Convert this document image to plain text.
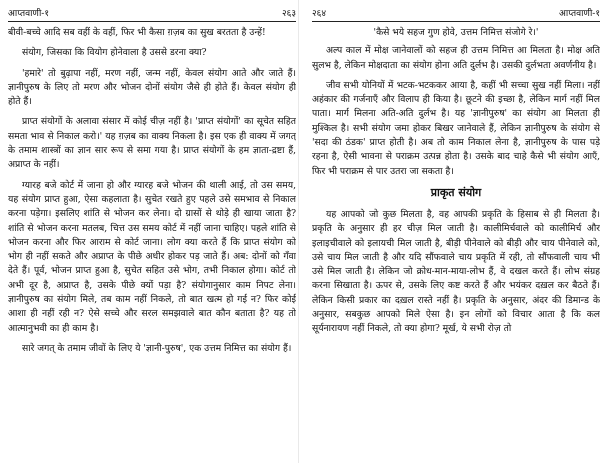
आप्तवाणी-१	२६३

बीवी-बच्चे आदि सब वहीं के वहीं, फिर भी कैसा ग़ज़ब का सुख बरतता है उन्हें!

संयोग, जिसका कि वियोग होनेवाला है उससे डरना क्या?

'हमारे' तो बुढ़ापा नहीं, मरण नहीं, जन्म नहीं, केवल संयोग आते और जाते हैं। ज्ञानीपुरुष के लिए तो मरण और भोजन दोनों संयोग जैसे ही होते हैं। केवल संयोग ही होते हैं।

प्राप्त संयोगों के अलावा संसार में कोई चीज़ नहीं है। 'प्राप्त संयोगों' का सूचेत सहित समता भाव से निकाल करो।' यह ग़ज़ब का वाक्य निकला है। इस एक ही वाक्य में जगत् के तमाम शास्त्रों का ज्ञान सार रूप से समा गया है। प्राप्त संयोगों के हम ज्ञाता-द्रष्टा हैं, अप्राप्त के नहीं।

ग्यारह बजे कोर्ट में जाना हो और ग्यारह बजे भोजन की थाली आई, तो उस समय, यह संयोग प्राप्त हुआ, ऐसा कहलाता है। सुचेत रखते हुए पहले उसे समभाव से निकाल करना पड़ेगा। इसलिए शांति से भोजन कर लेना। दो ग्रासों से थोड़े ही खाया जाता है? शांति से भोजन करना मतलब, चित्त उस समय कोर्ट में नहीं जाना चाहिए। पहले शांति से भोजन करना और फिर आराम से कोर्ट जाना। लोग क्या करते हैं कि प्राप्त संयोग को भोग ही नहीं सकते और अप्राप्त के पीछे अधीर होकर पड़ जाते हैं। अब: दोनों को गँवा देते हैं। पूर्व, भोजन प्राप्त हुआ है, सुचेत सहित उसे भोग, तभी निकाल होगा। कोर्ट तो अभी दूर है, अप्राप्त है, उसके पीछे क्यों पड़ा है? संयोगानुसार काम निपट लेना। ज्ञानीपुरुष का संयोग मिले, तब काम नहीं निकले, तो बात खत्म हो गई न? फिर कोई आशा ही नहीं रही न? ऐसे सच्चे और सरल समझवाले बात कौन बताता है? यह तो आत्मानुभवी का ही काम है।

सारे जगत् के तमाम जीवों के लिए ये 'ज्ञानी-पुरुष', एक उत्तम निमित्त का संयोग हैं।

२६४	आप्तवाणी-१

'कैसे भये सहज गुण होवे, उत्तम निमित्त संजोगे रे।'

अल्प काल में मोक्ष जानेवालों को सहज ही उत्तम निमित्त आ मिलता है। मोक्ष अति सुलभ है, लेकिन मोक्षदाता का संयोग होना अति दुर्लभ है। उसकी दुर्लभता अवर्णनीय है।

जीव सभी योनियों में भटक-भटककर आया है, कहीं भी सच्चा सुख नहीं मिला। नहीं अहंकार की गर्जनाएँ और विलाप ही किया है। छूटने की इच्छा है, लेकिन मार्ग नहीं मिल पाता। मार्ग मिलना अति-अति दुर्लभ है। यह 'ज्ञानीपुरुष' का संयोग आ मिलता ही मुश्किल है। सभी संयोग जमा होकर बिखर जानेवाले हैं, लेकिन ज्ञानीपुरुष के संयोग से 'सदा की ठंडक' प्राप्त होती है। अब तो काम निकाल लेना है, ज्ञानीपुरुष के पास पड़े रहना है, ऐसी भावना से पराक्रम उत्पन्न होता है। उसके बाद चाहे कैसे भी संयोग आएँ, फिर भी पराक्रम से पार उतरा जा सकता है।

प्राकृत संयोग

यह आपको जो कुछ मिलता है, वह आपकी प्रकृति के हिसाब से ही मिलता है। प्रकृति के अनुसार ही हर चीज़ मिल जाती है। कालीमिर्चवाले को कालीमिर्च और इलाइचीवाले को इलायची मिल जाती है, बीड़ी पीनेवाले को बीड़ी और चाय पीनेवाले को, उसे चाय मिल जाती है और यदि सौंफवाले चाय प्रकृति में रही, तो सौंफवाली चाय भी उसे मिल जाती है। लेकिन जो क्रोध-मान-माया-लोभ हैं, वे दखल करते हैं। लोभ संग्रह करना सिखाता है। ऊपर से, उसके लिए कष्ट करते हैं और भयंकर दख़ल कर बैठते हैं। लेकिन किसी प्रकार का दख़ल रास्ते नहीं है। प्रकृति के अनुसार, अंदर की डिमान्ड के अनुसार, सबकुछ आपको मिले ऐसा है। इन लोगों को विचार आता है कि कल सूर्यनारायण नहीं निकले, तो क्या होगा? मूर्ख, ये सभी रोज़ तो
